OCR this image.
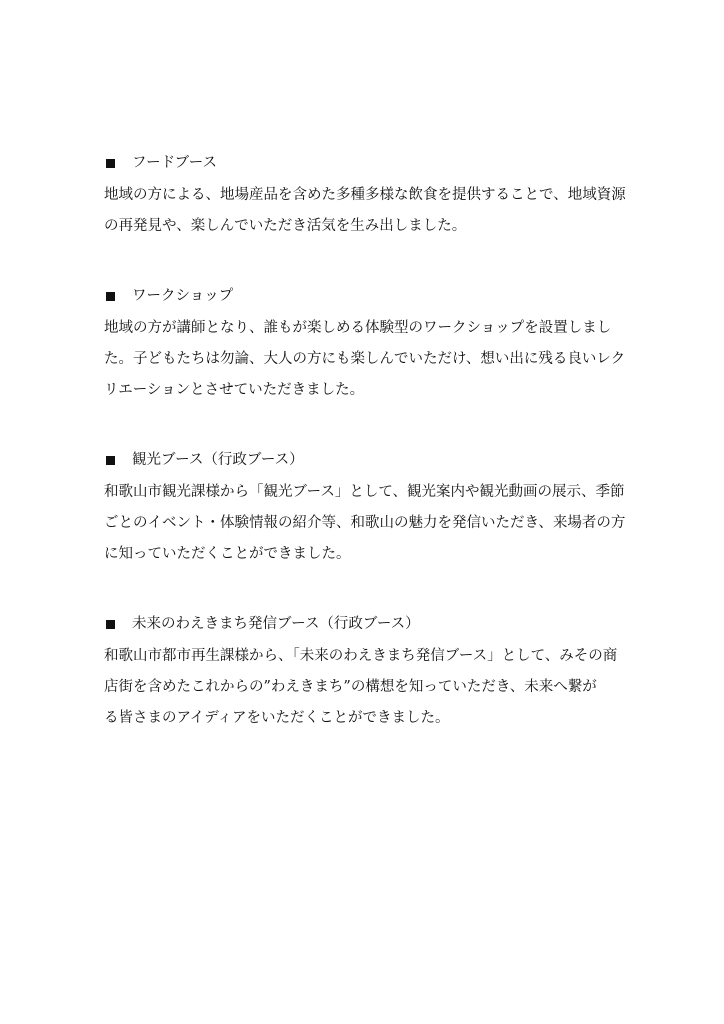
フードブース
地域の方による、地場産品を含めた多種多様な飲食を提供することで、地域資源
の再発見や、楽しんでいただき活気を生み出しました。
ワークショップ
地域の方が講師となり、誰もが楽しめる体験型のワークショップを設置しまし
た。子どもたちは勿論、大人の方にも楽しんでいただけ、想い出に残る良いレク
リエーションとさせていただきました。
観光ブース（行政ブース）
和歌山市観光課様から「観光ブース」として、観光案内や観光動画の展示、季節
ごとのイベント・体験情報の紹介等、和歌山の魅力を発信いただき、来場者の方
に知っていただくことができました。
未来のわえきまち発信ブース（行政ブース）
和歌山市都市再生課様から、「未来のわえきまち発信ブース」として、みその商
店街を含めたこれからの”わえきまち”の構想を知っていただき、未来へ繋が
る皆さまのアイディアをいただくことができました。
